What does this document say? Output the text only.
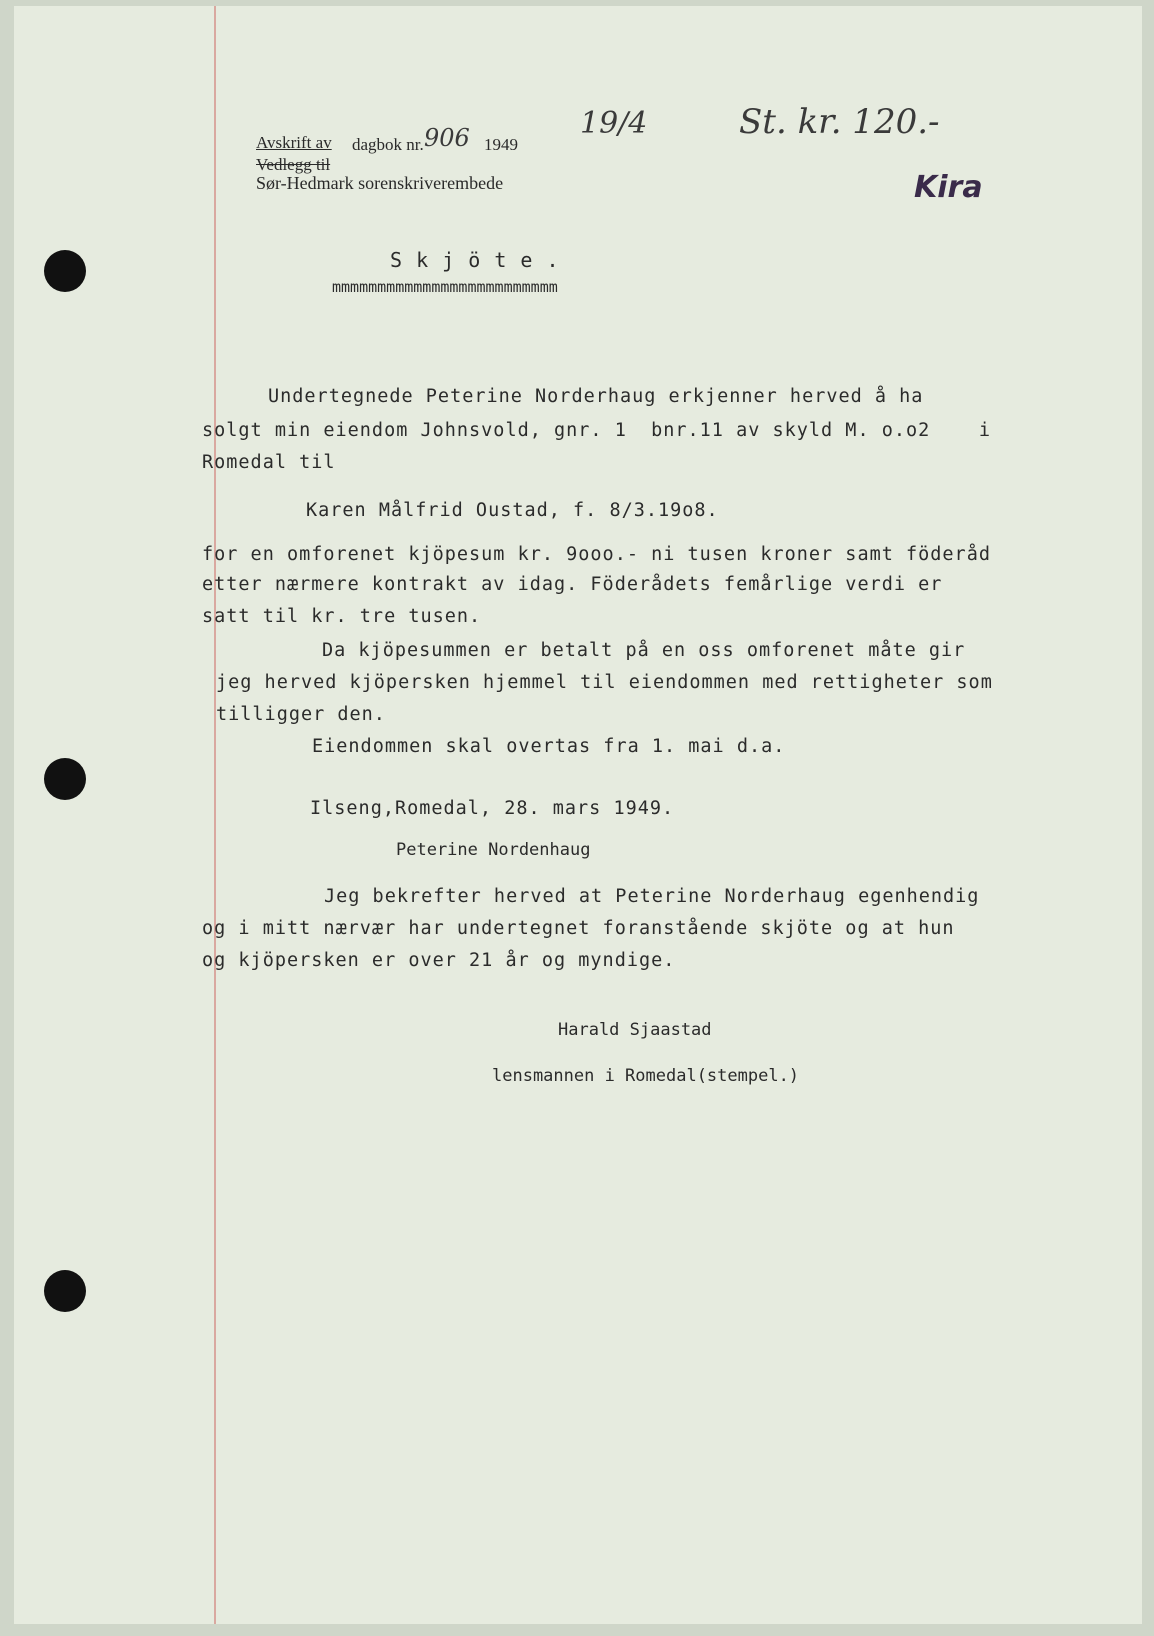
Avskrift av dagbok nr. 906 1949
19/4	St. kr. 120.-
Vedlegg til
Sør-Hedmark sorenskriverembede	Kira
S k j ö t e .
mmmmmmmmmmmmmmmmmmmmmmmmm
Undertegnede Peterine Norderhaug erkjenner herved å ha
solgt min eiendom Johnsvold, gnr. 1  bnr.11 av skyld M. o.o2    i
Romedal til
Karen Målfrid Oustad, f. 8/3.19o8.
for en omforenet kjöpesum kr. 9ooo.- ni tusen kroner samt föderåd
etter nærmere kontrakt av idag. Föderådets femårlige verdi er
satt til kr. tre tusen.
Da kjöpesummen er betalt på en oss omforenet måte gir
jeg herved kjöpersken hjemmel til eiendommen med rettigheter som
tilligger den.
Eiendommen skal overtas fra 1. mai d.a.
Ilseng,Romedal, 28. mars 1949.
Peterine Nordenhaug
Jeg bekrefter herved at Peterine Norderhaug egenhendig
og i mitt nærvær har undertegnet foranstående skjöte og at hun
og kjöpersken er over 21 år og myndige.
Harald Sjaastad
lensmannen i Romedal(stempel.)
